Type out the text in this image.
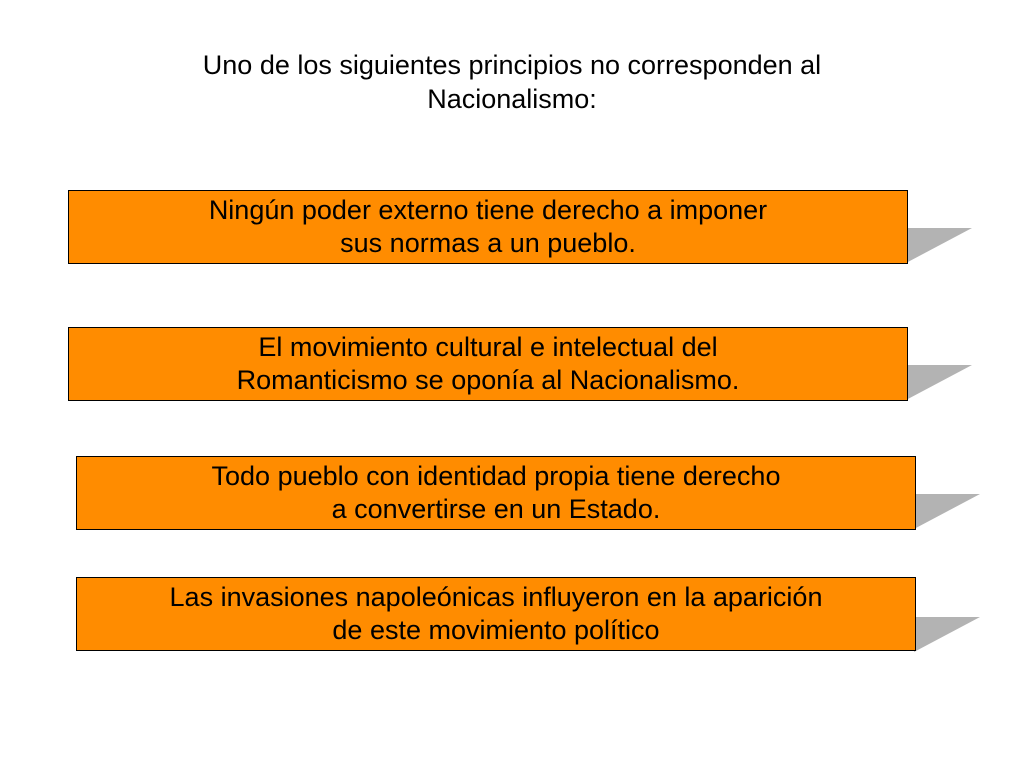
Uno de los siguientes principios no corresponden al
Nacionalismo:
Ningún poder externo tiene derecho a imponer
sus normas a un pueblo.
El movimiento cultural e intelectual del
Romanticismo se oponía al Nacionalismo.
Todo pueblo con identidad propia tiene derecho
a convertirse en un Estado.
Las invasiones napoleónicas influyeron en la aparición
de este movimiento político
